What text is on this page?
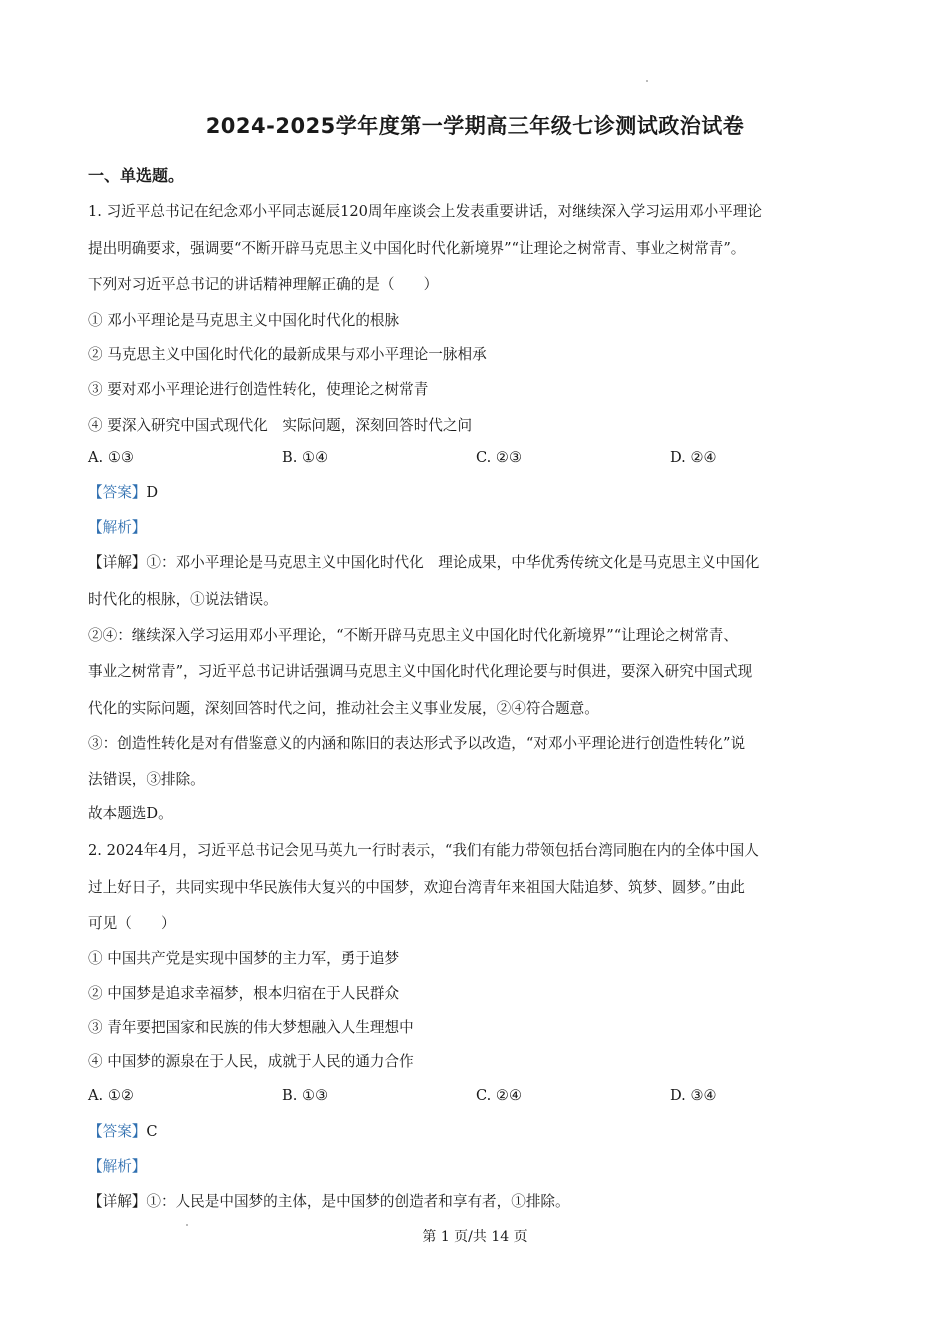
2024-2025学年度第一学期高三年级七诊测试政治试卷
一、单选题。
1. 习近平总书记在纪念邓小平同志诞辰120周年座谈会上发表重要讲话，对继续深入学习运用邓小平理论
提出明确要求，强调要“不断开辟马克思主义中国化时代化新境界”“让理论之树常青、事业之树常青”。
下列对习近平总书记的讲话精神理解正确的是（　　）
① 邓小平理论是马克思主义中国化时代化的根脉
② 马克思主义中国化时代化的最新成果与邓小平理论一脉相承
③ 要对邓小平理论进行创造性转化，使理论之树常青
④ 要深入研究中国式现代化　实际问题，深刻回答时代之问
A. ①③	B. ①④	C. ②③	D. ②④
【答案】D
【解析】
【详解】①：邓小平理论是马克思主义中国化时代化　理论成果，中华优秀传统文化是马克思主义中国化
时代化的根脉，①说法错误。
②④：继续深入学习运用邓小平理论，“不断开辟马克思主义中国化时代化新境界”“让理论之树常青、
事业之树常青”，习近平总书记讲话强调马克思主义中国化时代化理论要与时俱进，要深入研究中国式现
代化的实际问题，深刻回答时代之问，推动社会主义事业发展，②④符合题意。
③：创造性转化是对有借鉴意义的内涵和陈旧的表达形式予以改造，“对邓小平理论进行创造性转化”说
法错误，③排除。
故本题选D。
2. 2024年4月，习近平总书记会见马英九一行时表示，“我们有能力带领包括台湾同胞在内的全体中国人
过上好日子，共同实现中华民族伟大复兴的中国梦，欢迎台湾青年来祖国大陆追梦、筑梦、圆梦。”由此
可见（　　）
① 中国共产党是实现中国梦的主力军，勇于追梦
② 中国梦是追求幸福梦，根本归宿在于人民群众
③ 青年要把国家和民族的伟大梦想融入人生理想中
④ 中国梦的源泉在于人民，成就于人民的通力合作
A. ①②	B. ①③	C. ②④	D. ③④
【答案】C
【解析】
【详解】①：人民是中国梦的主体，是中国梦的创造者和享有者，①排除。
第 1 页/共 14 页
